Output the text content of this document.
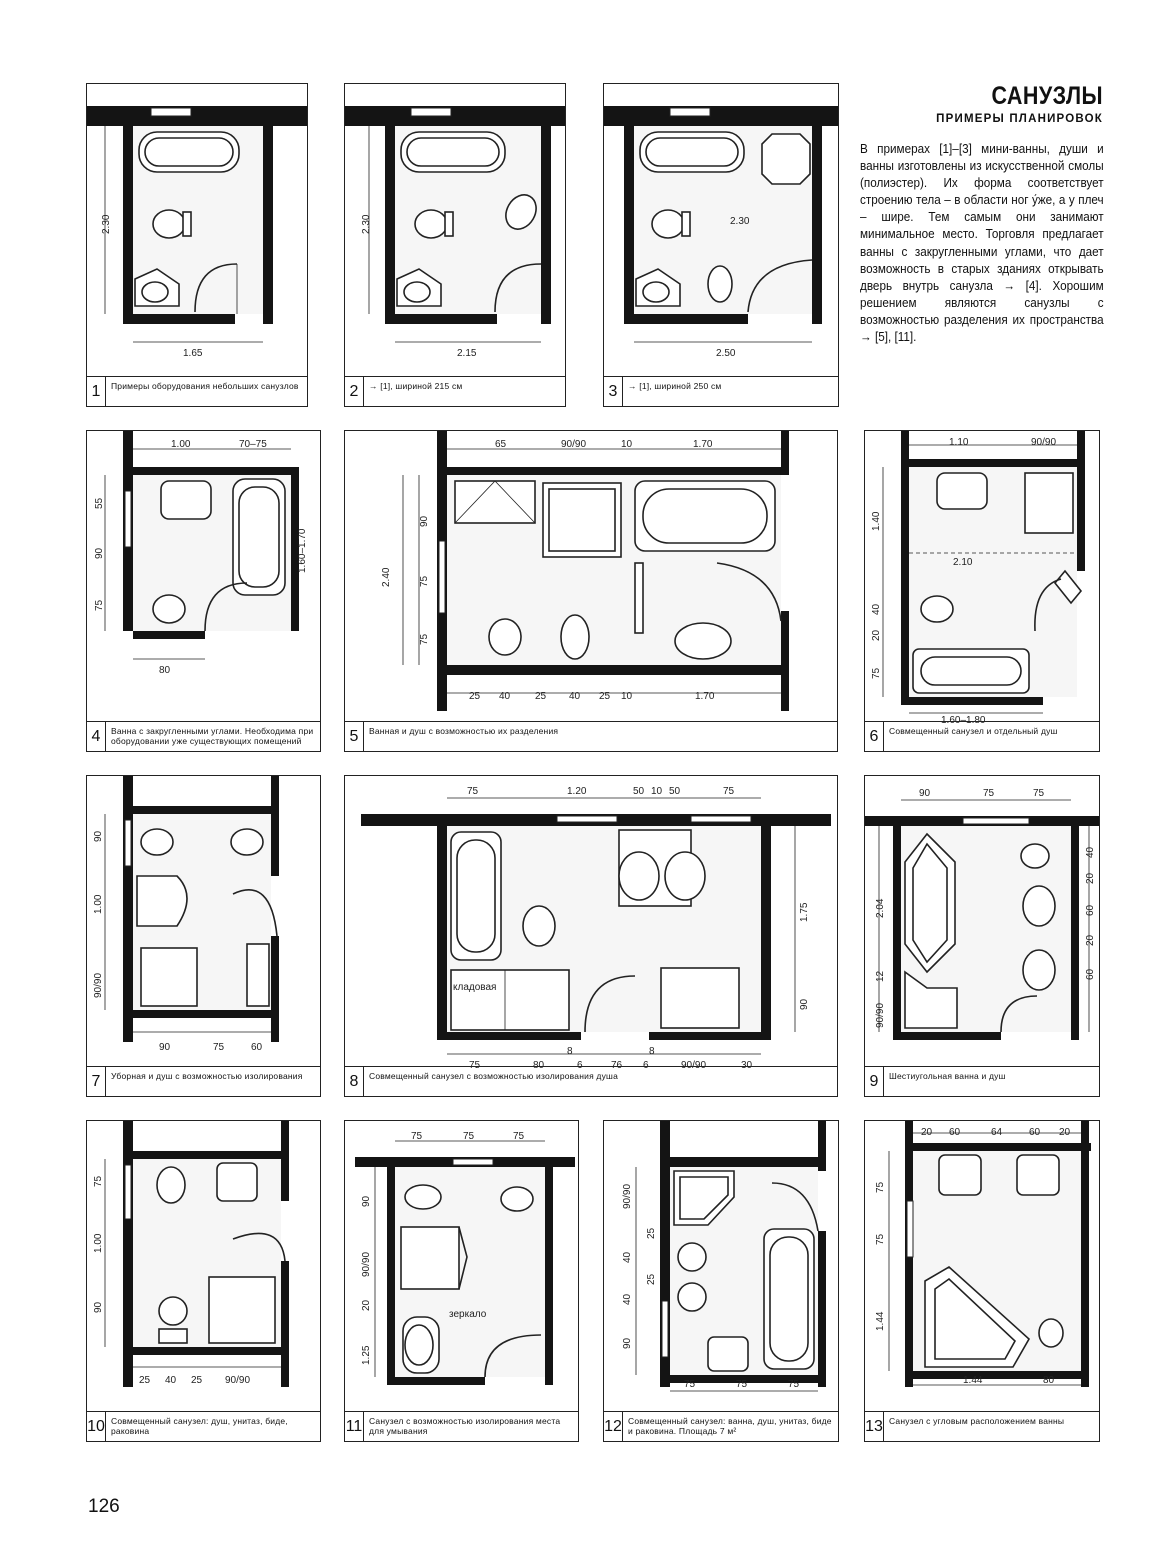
САНУЗЛЫ
ПРИМЕРЫ ПЛАНИРОВОК
В примерах [1]–[3] мини-ванны, души и ванны изготовлены из искусственной смолы (полиэстер). Их форма соответствует строению тела – в области ног у́же, а у плеч – шире. Тем самым они занимают минимальное место. Торговля предлагает ванны с закругленными углами, что дает возможность в старых зданиях открывать дверь внутрь санузла → [4]. Хорошим решением являются санузлы с возможностью разделения их пространства → [5], [11].
126
2.30
1.65
1	Примеры оборудования небольших санузлов
2.30
2.15
2	→ [1], шириной 215 см
2.30
2.50
3	→ [1], шириной 250 см
1.00	70–75
55
90
75
1.60–1.70
80
4	Ванна с закругленными углами. Необходима при оборудовании уже существующих помещений
65	90/90	10	1.70
2.40
90
75
75
25 40 25 40 25 10	1.70
5	Ванная и душ с возможностью их разделения
1.10	90/90
1.40
2.10
40
20
75
1.60–1.80
6	Совмещенный санузел и отдельный душ
90
1.00
90/90
90	75	60
7	Уборная и душ с возможностью изолирования
75	1.20	50 10 50	75
1.75
90
75	80
8
6	76 6
8
90/90	30
кладовая
8	Совмещенный санузел с возможностью изолирования душа
90	75	75
2.04
12
90/90
40
20
60
20
60
9	Шестиугольная ванна и душ
75
1.00
90
25 40 25 90/90
10 Совмещенный санузел: душ, унитаз, биде, раковина
75	75	75
90
90/90
20
1.25
зеркало
11 Санузел с возможностью изолирования места для умывания
90/90
25
40
25
40
90
75	75	75
12 Совмещенный санузел: ванна, душ, унитаз, биде и раковина. Площадь 7 м²
20 60	64	60 20
75
75
1.44
1.44	80
13 Санузел с угловым расположением ванны
